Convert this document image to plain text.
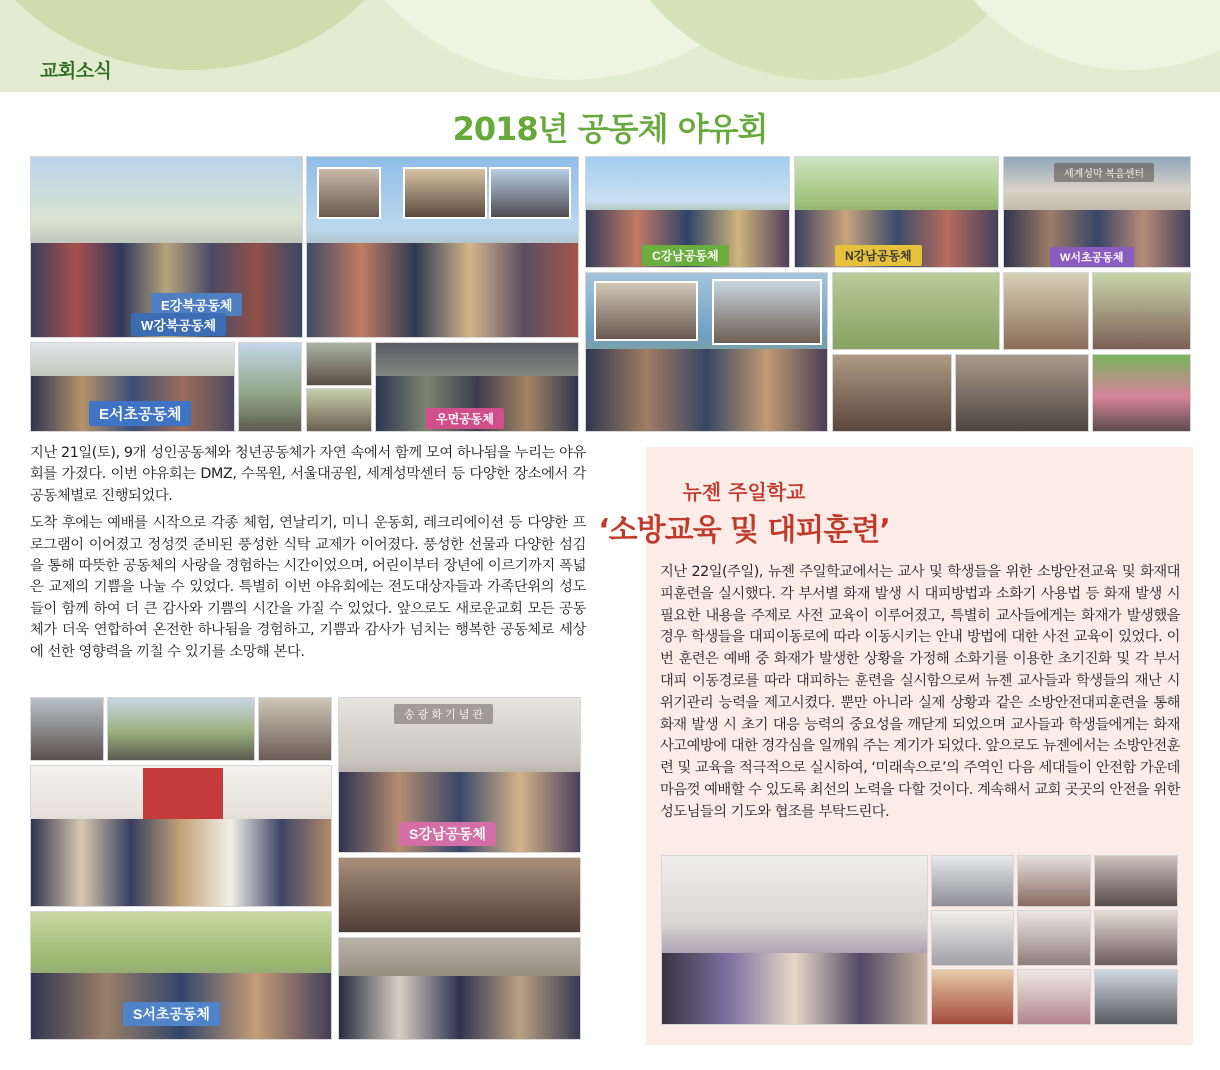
교회소식
2018년 공동체 야유회
E강북공동체
W강북공동체
E서초공동체	우면공동체
C강남공동체	N강남공동체
세계성막 복음센터
W서초공동체

지난 21일(토), 9개 성인공동체와 청년공동체가 자연 속에서 함께 모여 하나됨을 누리는 야유회를 가졌다. 이번 야유회는 DMZ, 수목원, 서울대공원, 세계성막센터 등 다양한 장소에서 각 공동체별로 진행되었다.

도착 후에는 예배를 시작으로 각종 체험, 연날리기, 미니 운동회, 레크리에이션 등 다양한 프로그램이 이어졌고 정성껏 준비된 풍성한 식탁 교제가 이어졌다. 풍성한 선물과 다양한 섬김을 통해 따뜻한 공동체의 사랑을 경험하는 시간이었으며, 어린이부터 장년에 이르기까지 폭넓은 교제의 기쁨을 나눌 수 있었다. 특별히 이번 야유회에는 전도대상자들과 가족단위의 성도들이 함께 하여 더 큰 감사와 기쁨의 시간을 가질 수 있었다. 앞으로도 새로운교회 모든 공동체가 더욱 연합하여 온전한 하나됨을 경험하고, 기쁨과 감사가 넘치는 행복한 공동체로 세상에 선한 영향력을 끼칠 수 있기를 소망해 본다.

S서초공동체
송 광 화 기 념 관
S강남공동체
뉴젠 주일학교
‘소방교육 및 대피훈련’

지난 22일(주일), 뉴젠 주일학교에서는 교사 및 학생들을 위한 소방안전교육 및 화재대피훈련을 실시했다. 각 부서별 화재 발생 시 대피방법과 소화기 사용법 등 화재 발생 시 필요한 내용을 주제로 사전 교육이 이루어졌고, 특별히 교사들에게는 화재가 발생했을 경우 학생들을 대피이동로에 따라 이동시키는 안내 방법에 대한 사전 교육이 있었다. 이번 훈련은 예배 중 화재가 발생한 상황을 가정해 소화기를 이용한 초기진화 및 각 부서 대피 이동경로를 따라 대피하는 훈련을 실시함으로써 뉴젠 교사들과 학생들의 재난 시 위기관리 능력을 제고시켰다. 뿐만 아니라 실제 상황과 같은 소방안전대피훈련을 통해 화재 발생 시 초기 대응 능력의 중요성을 깨닫게 되었으며 교사들과 학생들에게는 화재사고예방에 대한 경각심을 일깨워 주는 계기가 되었다. 앞으로도 뉴젠에서는 소방안전훈련 및 교육을 적극적으로 실시하여, ‘미래속으로’의 주역인 다음 세대들이 안전함 가운데 마음껏 예배할 수 있도록 최선의 노력을 다할 것이다. 계속해서 교회 곳곳의 안전을 위한 성도님들의 기도와 협조를 부탁드린다.
